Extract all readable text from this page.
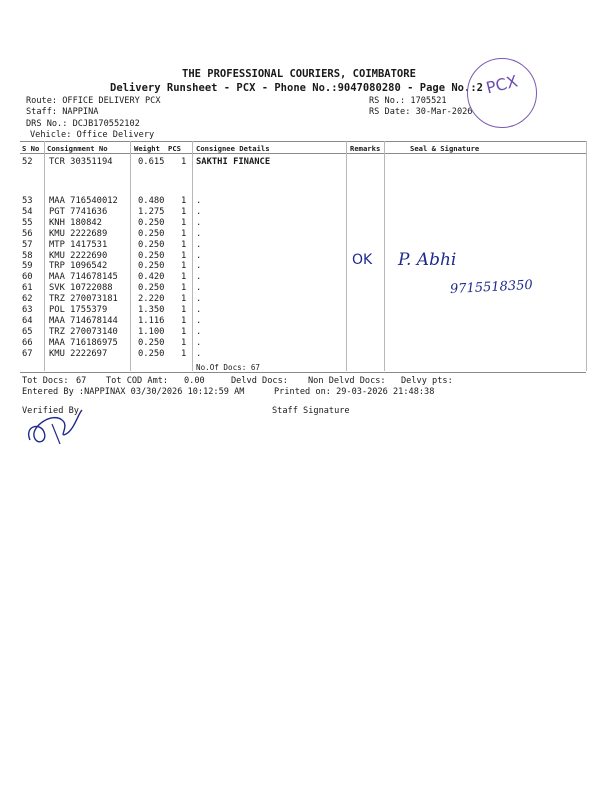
THE PROFESSIONAL COURIERS, COIMBATORE
Delivery Runsheet - PCX - Phone No.:9047080280 - Page No.:2
Route: OFFICE DELIVERY PCX
Staff: NAPPINA
DRS No.: DCJB170552102
Vehicle: Office Delivery
RS No.: 1705521
RS Date: 30-Mar-2026
PCX
S No Consignment No	Weight PCS Consignee Details	Remarks	Seal & Signature
52 TCR 30351194	0.615 1 SAKTHI FINANCE
53 MAA 716540012 0.480 1 .
54 PGT 7741636	1.275 1 .
55 KNH 180842	0.250 1 .
56 KMU 2222689	0.250 1 .
57 MTP 1417531	0.250 1 .
58 KMU 2222690	0.250 1 .
59 TRP 1096542	0.250 1 .
60 MAA 714678145 0.420 1 .
61 SVK 10722088	0.250 1 .
62 TRZ 270073181 2.220 1 .
63 POL 1755379	1.350 1 .
64 MAA 714678144 1.116 1 .
65 TRZ 270073140 1.100 1 .
66 MAA 716186975 0.250 1 .
67 KMU 2222697	0.250 1 .
No.Of Docs: 67
OK P. Abhi
9715518350
Tot Docs: 67 Tot COD Amt: 0.00	Delvd Docs: Non Delvd Docs: Delvy pts:
Entered By :NAPPINAX 03/30/2026 10:12:59 AM	Printed on: 29-03-2026 21:48:38
Verified By	Staff Signature
